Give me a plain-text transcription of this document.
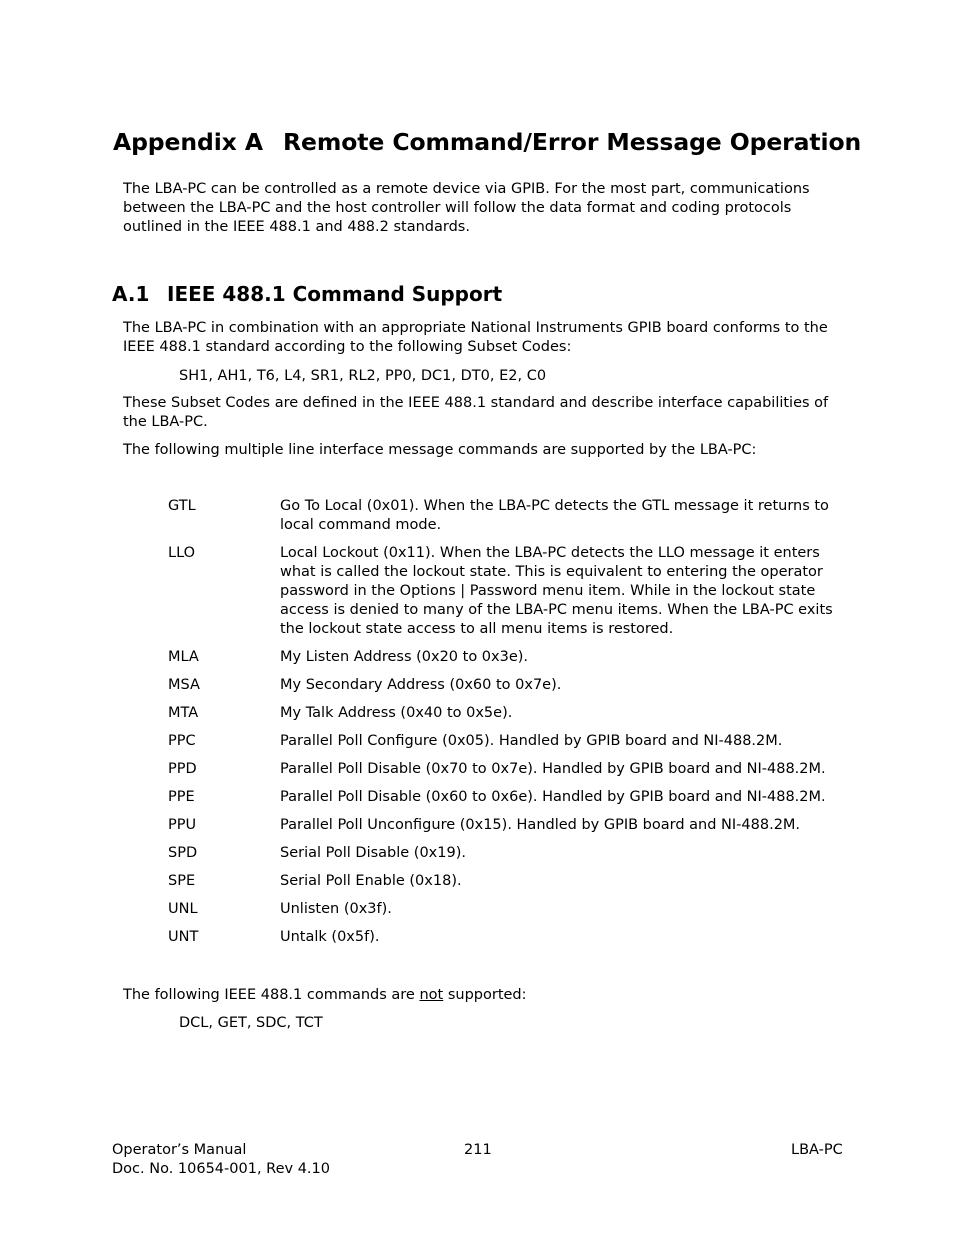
Appendix A Remote Command/Error Message Operation

The LBA-PC can be controlled as a remote device via GPIB. For the most part, communications between the LBA-PC and the host controller will follow the data format and coding protocols outlined in the IEEE 488.1 and 488.2 standards.

A.1 IEEE 488.1 Command Support

The LBA-PC in combination with an appropriate National Instruments GPIB board conforms to the IEEE 488.1 standard according to the following Subset Codes:

SH1, AH1, T6, L4, SR1, RL2, PP0, DC1, DT0, E2, C0

These Subset Codes are defined in the IEEE 488.1 standard and describe interface capabilities of the LBA-PC.

The following multiple line interface message commands are supported by the LBA-PC:

GTL	Go To Local (0x01). When the LBA-PC detects the GTL message it returns to local command mode.
LLO	Local Lockout (0x11). When the LBA-PC detects the LLO message it enters what is called the lockout state. This is equivalent to entering the operator password in the Options | Password menu item. While in the lockout state access is denied to many of the LBA-PC menu items. When the LBA-PC exits the lockout state access to all menu items is restored.
MLA	My Listen Address (0x20 to 0x3e).
MSA	My Secondary Address (0x60 to 0x7e).
MTA	My Talk Address (0x40 to 0x5e).
PPC	Parallel Poll Configure (0x05). Handled by GPIB board and NI-488.2M.
PPD	Parallel Poll Disable (0x70 to 0x7e). Handled by GPIB board and NI-488.2M.
PPE	Parallel Poll Disable (0x60 to 0x6e). Handled by GPIB board and NI-488.2M.
PPU	Parallel Poll Unconfigure (0x15). Handled by GPIB board and NI-488.2M.
SPD	Serial Poll Disable (0x19).
SPE	Serial Poll Enable (0x18).
UNL	Unlisten (0x3f).
UNT	Untalk (0x5f).

The following IEEE 488.1 commands are not supported:

DCL, GET, SDC, TCT

Operator’s Manual
Doc. No. 10654-001, Rev 4.10
211	LBA-PC
